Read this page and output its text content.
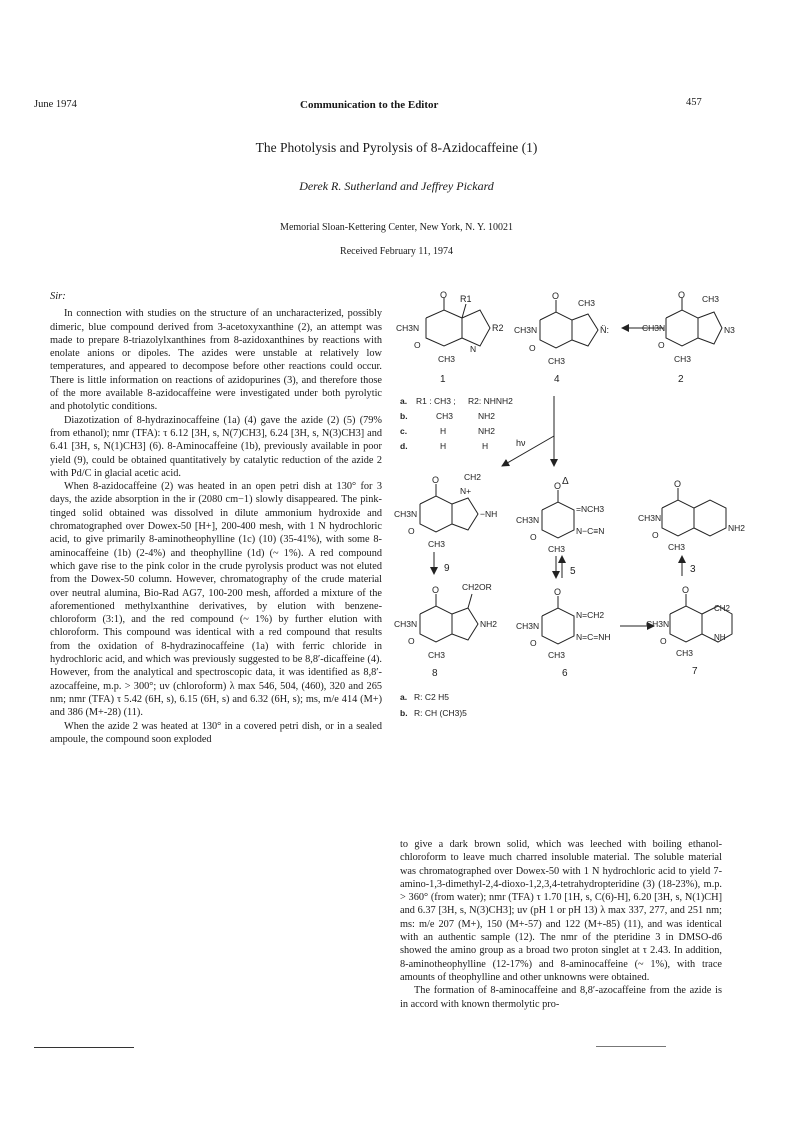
June 1974	Communication to the Editor	457
The Photolysis and Pyrolysis of 8-Azidocaffeine (1)
Derek R. Sutherland and Jeffrey Pickard
Memorial Sloan-Kettering Center, New York, N. Y. 10021
Received February 11, 1974

Sir:

In connection with studies on the structure of an uncharacterized, possibly dimeric, blue compound derived from 3-acetoxyxanthine (2), an attempt was made to prepare 8-triazolylxanthines from 8-azidoxanthines by reactions with enolate anions or dipoles. The azides were unstable at relatively low temperatures, and appeared to decompose before other reactions could occur. There is little information on reactions of azidopurines (3), and therefore those of the more available 8-azidocaffeine were investigated under both pyrolytic and photolytic conditions.

Diazotization of 8-hydrazinocaffeine (1a) (4) gave the azide (2) (5) (79% from ethanol); nmr (TFA): τ 6.12 [3H, s, N(7)CH3], 6.24 [3H, s, N(3)CH3] and 6.41 [3H, s, N(1)CH3] (6). 8-Aminocaffeine (1b), previously available in poor yield (9), could be obtained quantitatively by catalytic reduction of the azide 2 with Pd/C in glacial acetic acid.

When 8-azidocaffeine (2) was heated in an open petri dish at 130° for 3 days, the azide absorption in the ir (2080 cm−1) slowly disappeared. The pink-tinged solid obtained was dissolved in dilute ammonium hydroxide and chromatographed over Dowex-50 [H+], 200-400 mesh, with 1 N hydrochloric acid, to give primarily 8-aminotheophylline (1c) (10) (35-41%), with some 8-aminocaffeine (1b) (2-4%) and theophylline (1d) (~ 1%). A red compound which gave rise to the pink color in the crude pyrolysis product was not eluted from the Dowex-50 column. However, chromatography of the crude material over neutral alumina, Bio-Rad AG7, 100-200 mesh, afforded a mixture of the aforementioned methylxanthine derivatives, by elution with benzene-chloroform (3:1), and the red compound (~ 1%) by further elution with chloroform. This compound was identical with a red compound that results from the oxidation of 8-hydrazinocaffeine (1a) with ferric chloride in hydrochloric acid, and which was previously suggested to be 8,8′-dicaffeine (4). However, from the analytical and spectroscopic data, it was identified as 8,8′-azocaffeine, m.p. > 300°; uv (chloroform) λ max 546, 504, (460), 320 and 265 nm; nmr (TFA) τ 5.42 (6H, s), 6.15 (6H, s) and 6.32 (6H, s); ms, m/e 414 (M+) and 386 (M+-28) (11).

When the azide 2 was heated at 130° in a covered petri dish, or in a sealed ampoule, the compound soon exploded

to give a dark brown solid, which was leeched with boiling ethanol-chloroform to leave much charred insoluble material. The soluble material was chromatographed over Dowex-50 with 1 N hydrochloric acid to yield 7-amino-1,3-dimethyl-2,4-dioxo-1,2,3,4-tetrahydropteridine (3) (18-23%), m.p. > 360° (from water); nmr (TFA) τ 1.70 [1H, s, C(6)-H], 6.20 [3H, s, N(1)CH] and 6.37 [3H, s, N(3)CH3]; uv (pH 1 or pH 13) λ max 337, 277, and 251 nm; ms: m/e 207 (M+), 150 (M+-57) and 122 (M+-85) (11), and was identical with an authentic sample (12). The nmr of the pteridine 3 in DMSO-d6 showed the amino group as a broad two proton singlet at τ 2.43. In addition, 8-aminotheophylline (12-17%) and 8-aminocaffeine (~ 1%), with trace amounts of theophylline and other unknowns were obtained.

The formation of 8-aminocaffeine and 8,8′-azocaffeine from the azide is in accord with known thermolytic pro-

O R1
R2
CH3N
O
CH3
N
1
O
CH3
CH3N
O
N̈:
CH3
4
O CH3
CH3N	N3
O
CH3
2
a. R1 : CH3 ; R2: NHNH2
b.	CH3	NH2
c.	H	NH2
d.	H	H	hν
Δ
O	CH2
N+
CH3N	−NH
O
CH3
9
O
CH3N
=NCH3
N−C≡N
O
CH3
5
O
CH3N
NH2
O
CH3
3
O	CH2OR
CH3N	NH2
O
CH3
8
O
CH3N
N=CH2
N=C=NH
O
CH3
6
O
CH3N
CH2
NH
O
CH3
7
a. R: C2 H5
b. R: CH (CH3)5
